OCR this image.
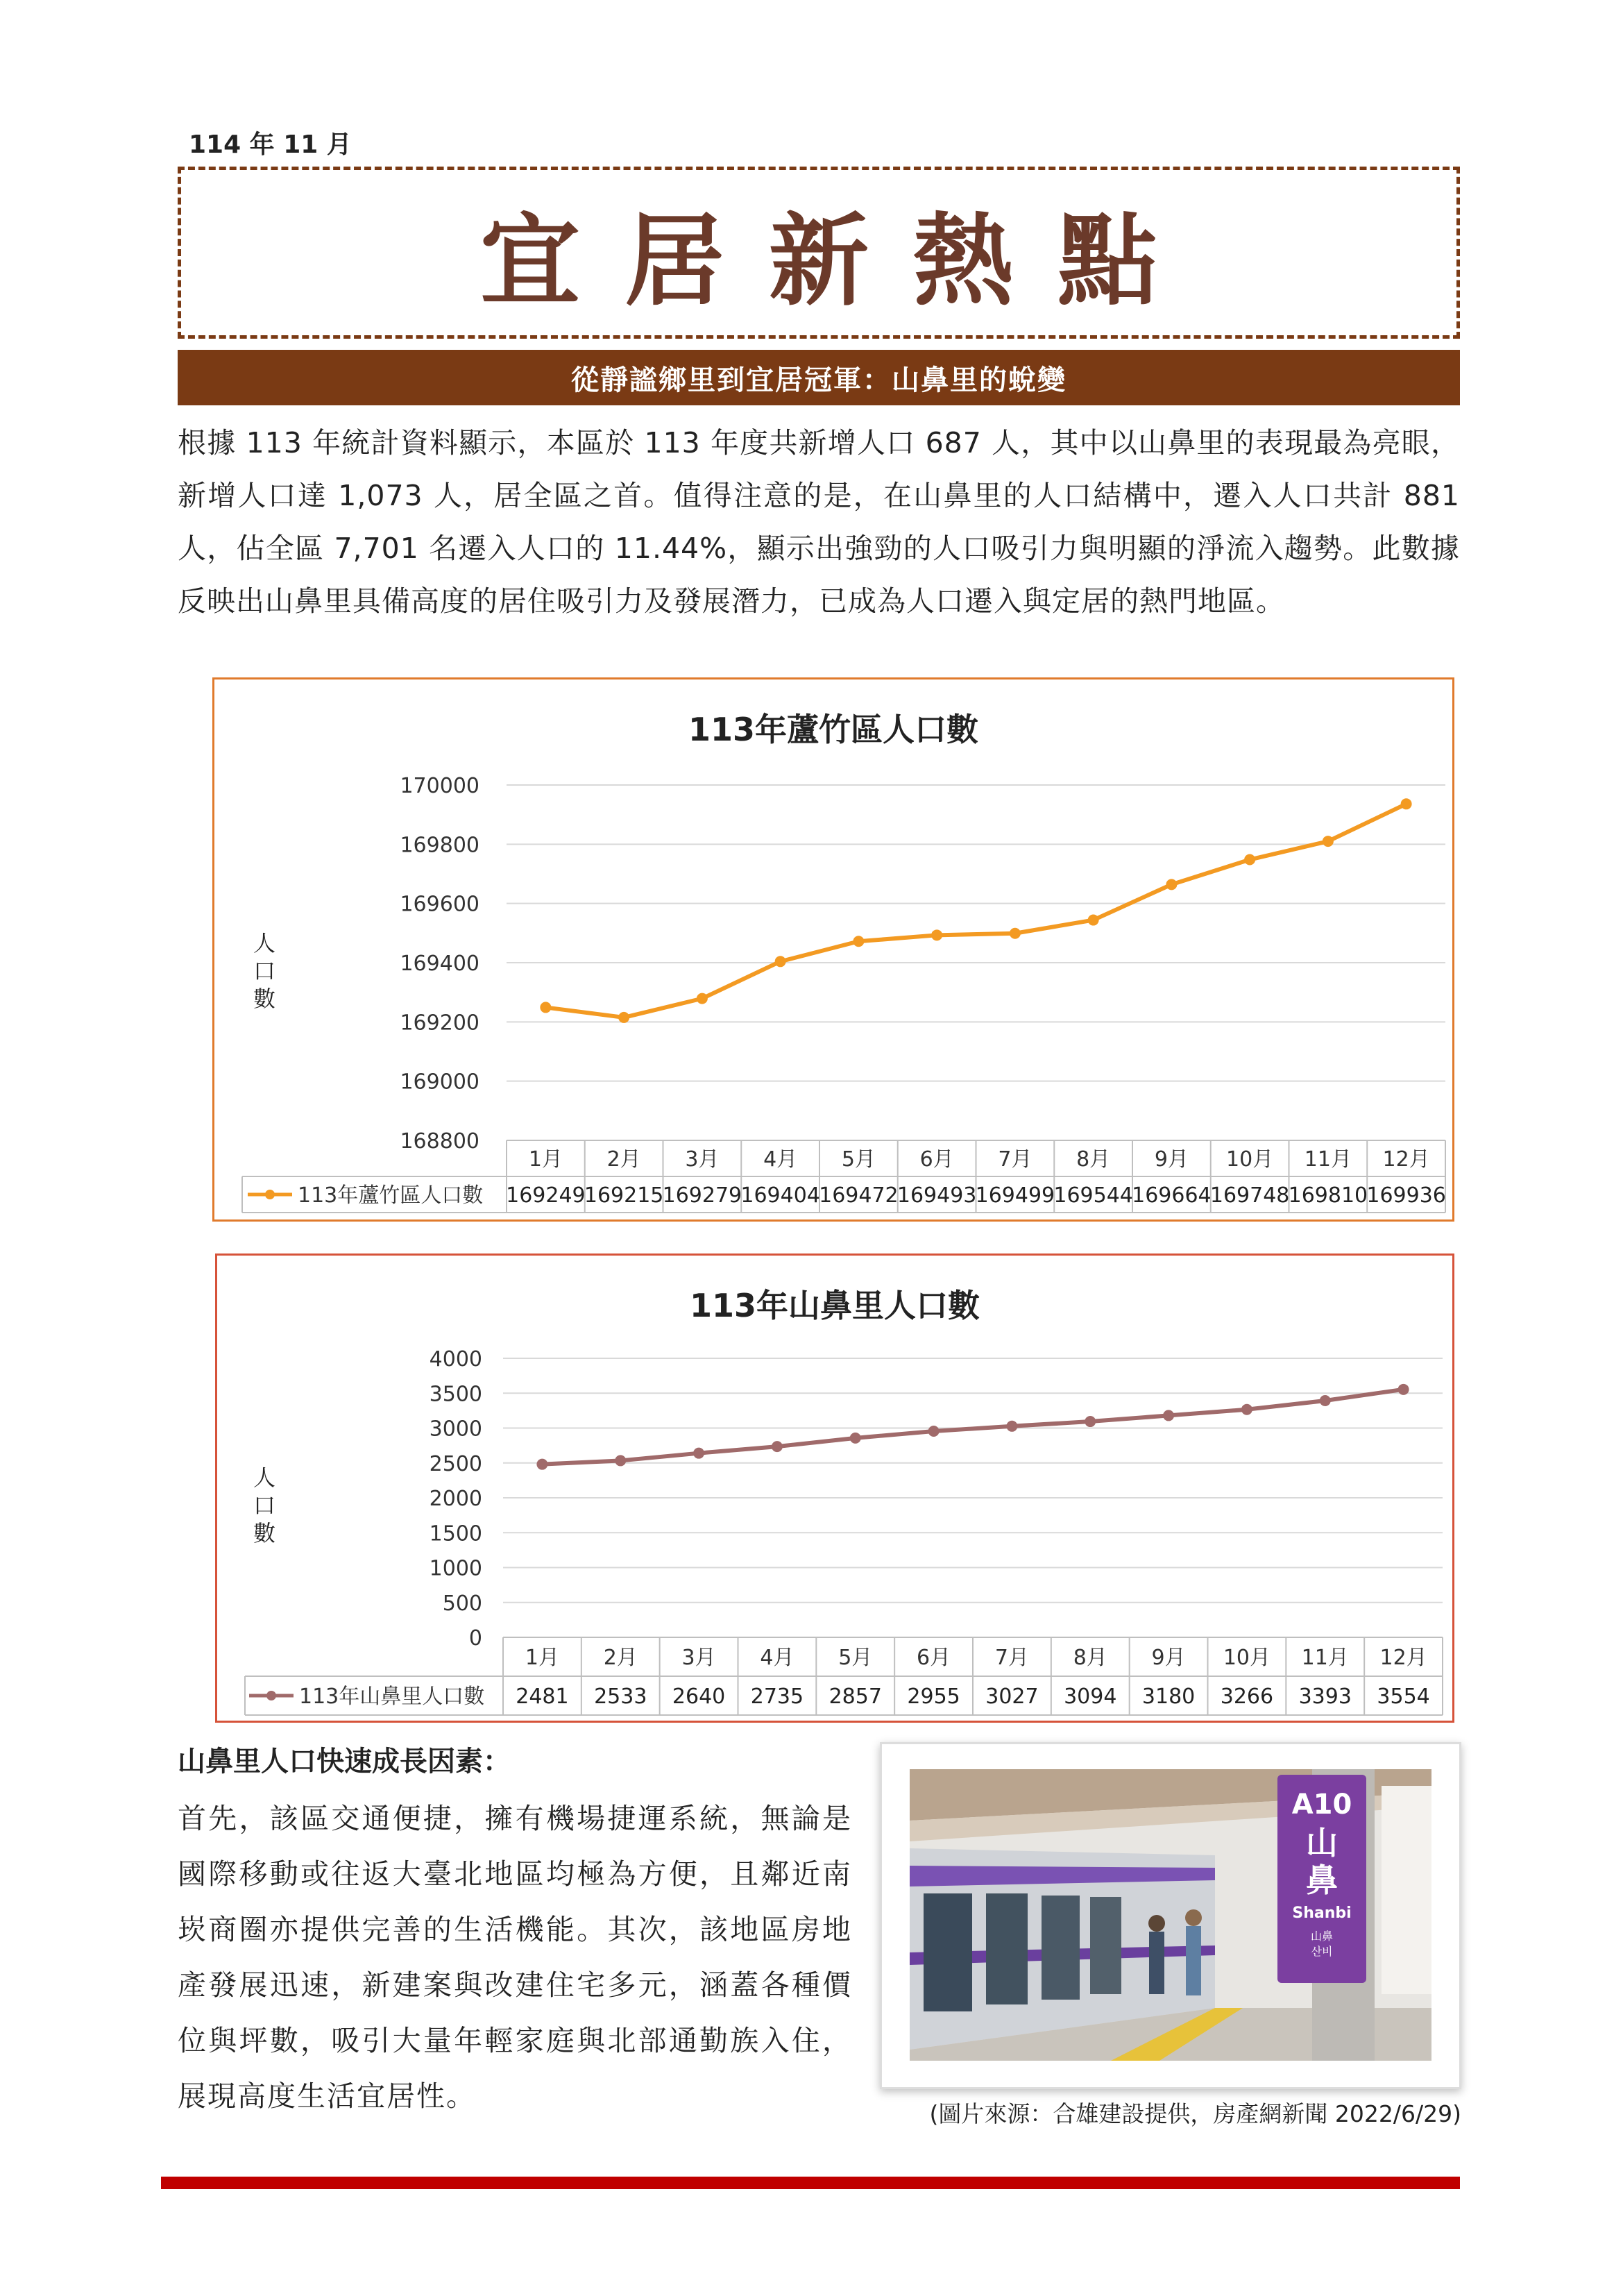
114 年 11 月
宜居新熱點
從靜謐鄉里到宜居冠軍：山鼻里的蛻變
根據 113 年統計資料顯示，本區於 113 年度共新增人口 687 人，其中以山鼻里的表現最為亮眼，新增人口達 1,073 人，居全區之首。值得注意的是，在山鼻里的人口結構中，遷入人口共計 881 人，佔全區 7,701 名遷入人口的 11.44%，顯示出強勁的人口吸引力與明顯的淨流入趨勢。此數據反映出山鼻里具備高度的居住吸引力及發展潛力，已成為人口遷入與定居的熱門地區。
113年蘆竹區人口數
人
口
數
168800
169000
169200
169400
169600
169800
170000
1月 2月 3月 4月 5月 6月 7月 8月 9月 10月 11月 12月
113年蘆竹區人口數 169249
169215
169279
169404
169472
169493
169499
169544
169664
169748
169810
169936
113年山鼻里人口數
人
口
數
0
500
1000
1500
2000
2500
3000
3500
4000
1月 2月 3月 4月 5月 6月 7月 8月 9月 10月 11月 12月
113年山鼻里人口數 2481 2533 2640 2735 2857 2955 3027 3094 3180 3266 3393 3554
山鼻里人口快速成長因素：
首先，該區交通便捷，擁有機場捷運系統，無論是國際移動或往返大臺北地區均極為方便，且鄰近南崁商圈亦提供完善的生活機能。其次，該地區房地產發展迅速，新建案與改建住宅多元，涵蓋各種價位與坪數，吸引大量年輕家庭與北部通勤族入住，展現高度生活宜居性。
A10
山
鼻
Shanbi
山鼻
산비
(圖片來源：合雄建設提供，房產網新聞 2022/6/29)
